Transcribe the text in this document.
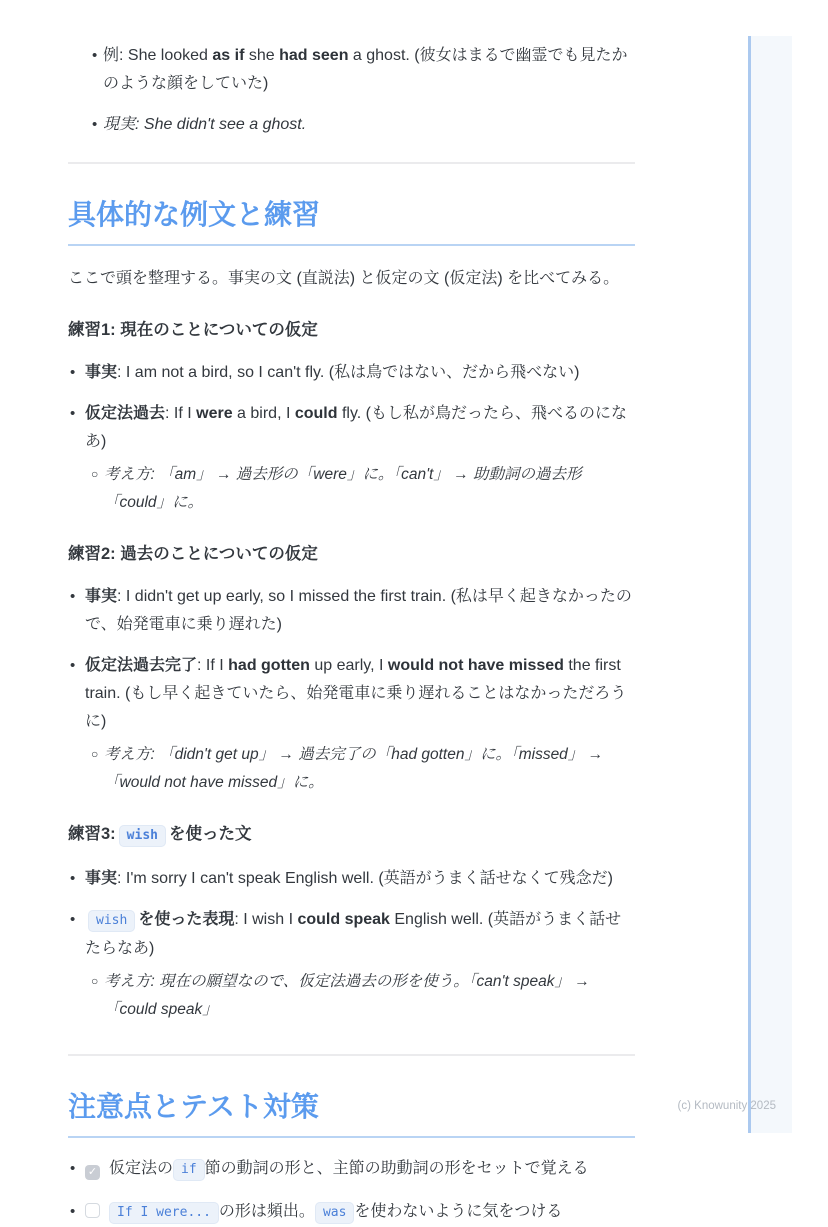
• 例: She looked as if she had seen a ghost. (彼女はまるで幽霊でも見たかのような顔をしていた)
• 現実: She didn't see a ghost.
具体的な例文と練習
ここで頭を整理する。事実の文 (直説法) と仮定の文 (仮定法) を比べてみる。
練習1: 現在のことについての仮定
• 事実: I am not a bird, so I can't fly. (私は鳥ではない、だから飛べない)
• 仮定法過去: If I were a bird, I could fly. (もし私が鳥だったら、飛べるのになあ)
○ 考え方: 「am」 → 過去形の「were」に。「can't」 → 助動詞の過去形「could」に。
練習2: 過去のことについての仮定
• 事実: I didn't get up early, so I missed the first train. (私は早く起きなかったので、始発電車に乗り遅れた)
• 仮定法過去完了: If I had gotten up early, I would not have missed the first train. (もし早く起きていたら、始発電車に乗り遅れることはなかっただろうに)
○ 考え方: 「didn't get up」 → 過去完了の「had gotten」に。「missed」 → 「would not have missed」に。
練習3: wish を使った文
• 事実: I'm sorry I can't speak English well. (英語がうまく話せなくて残念だ)
• wish を使った表現: I wish I could speak English well. (英語がうまく話せたらなあ)
○ 考え方: 現在の願望なので、仮定法過去の形を使う。「can't speak」 → 「could speak」
注意点とテスト対策
• ✓ 仮定法の if 節の動詞の形と、主節の助動詞の形をセットで覚える
•	If I were... の形は頻出。 was を使わないように気をつける
(c) Knowunity 2025
